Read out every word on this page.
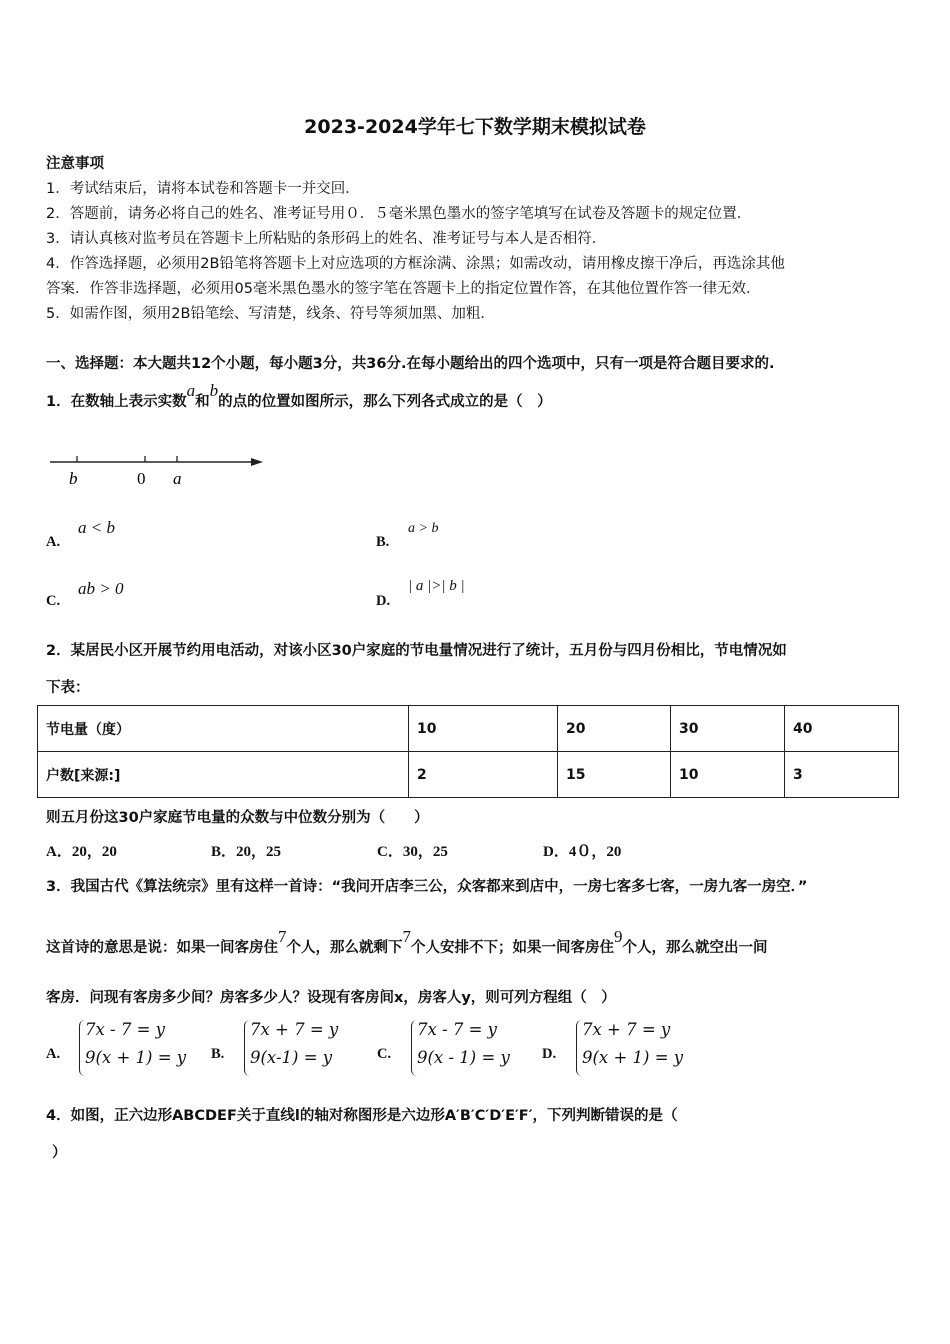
2023-2024学年七下数学期末模拟试卷
注意事项
1．考试结束后，请将本试卷和答题卡一并交回．
2．答题前，请务必将自己的姓名、准考证号用０．５毫米黑色墨水的签字笔填写在试卷及答题卡的规定位置．
3．请认真核对监考员在答题卡上所粘贴的条形码上的姓名、准考证号与本人是否相符．
4．作答选择题，必须用2B铅笔将答题卡上对应选项的方框涂满、涂黑；如需改动，请用橡皮擦干净后，再选涂其他
答案．作答非选择题，必须用05毫米黑色墨水的签字笔在答题卡上的指定位置作答，在其他位置作答一律无效．
5．如需作图，须用2B铅笔绘、写清楚，线条、符号等须加黑、加粗．
一、选择题：本大题共12个小题，每小题3分，共36分.在每小题给出的四个选项中，只有一项是符合题目要求的.
1．在数轴上表示实数a和b的点的位置如图所示，那么下列各式成立的是（　）
b	0 a
A.
a < b
B.
a > b
C.
ab > 0
D.
| a |>| b |
2．某居民小区开展节约用电活动，对该小区30户家庭的节电量情况进行了统计，五月份与四月份相比，节电情况如
下表：
节电量（度）	10	20	30	40
户数[来源:]	2	15	10	3
则五月份这30户家庭节电量的众数与中位数分别为（　　）
A．20，20	B．20，25	C．30，25	D．4０，20
3．我国古代《算法统宗》里有这样一首诗：“我问开店李三公，众客都来到店中，一房七客多七客，一房九客一房空．”
这首诗的意思是说：如果一间客房住7个人，那么就剩下7个人安排不下；如果一间客房住9个人，那么就空出一间
客房．问现有客房多少间？房客多少人？设现有客房间x，房客人y，则可列方程组（　）
A.
7x - 7 = y
9(x + 1) = y B.
7x + 7 = y
9(x-1) = y	C.
7x - 7 = y
9(x - 1) = y D.
7x + 7 = y
9(x + 1) = y
4．如图，正六边形ABCDEF关于直线l的轴对称图形是六边形A′B′C′D′E′F′，下列判断错误的是（
）
